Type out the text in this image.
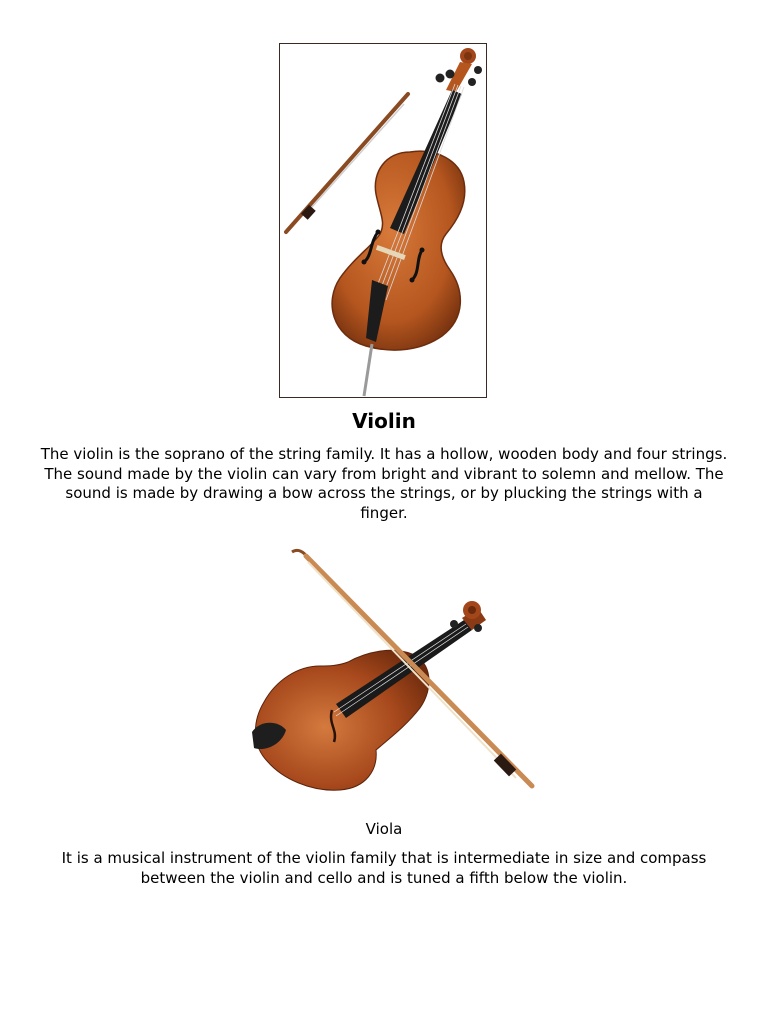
Violin
The violin is the soprano of the string family. It has a hollow, wooden body and four strings. The sound made by the violin can vary from bright and vibrant to solemn and mellow. The sound is made by drawing a bow across the strings, or by plucking the strings with a finger.
Viola
It is a musical instrument of the violin family that is intermediate in size and compass between the violin and cello and is tuned a fifth below the violin.
